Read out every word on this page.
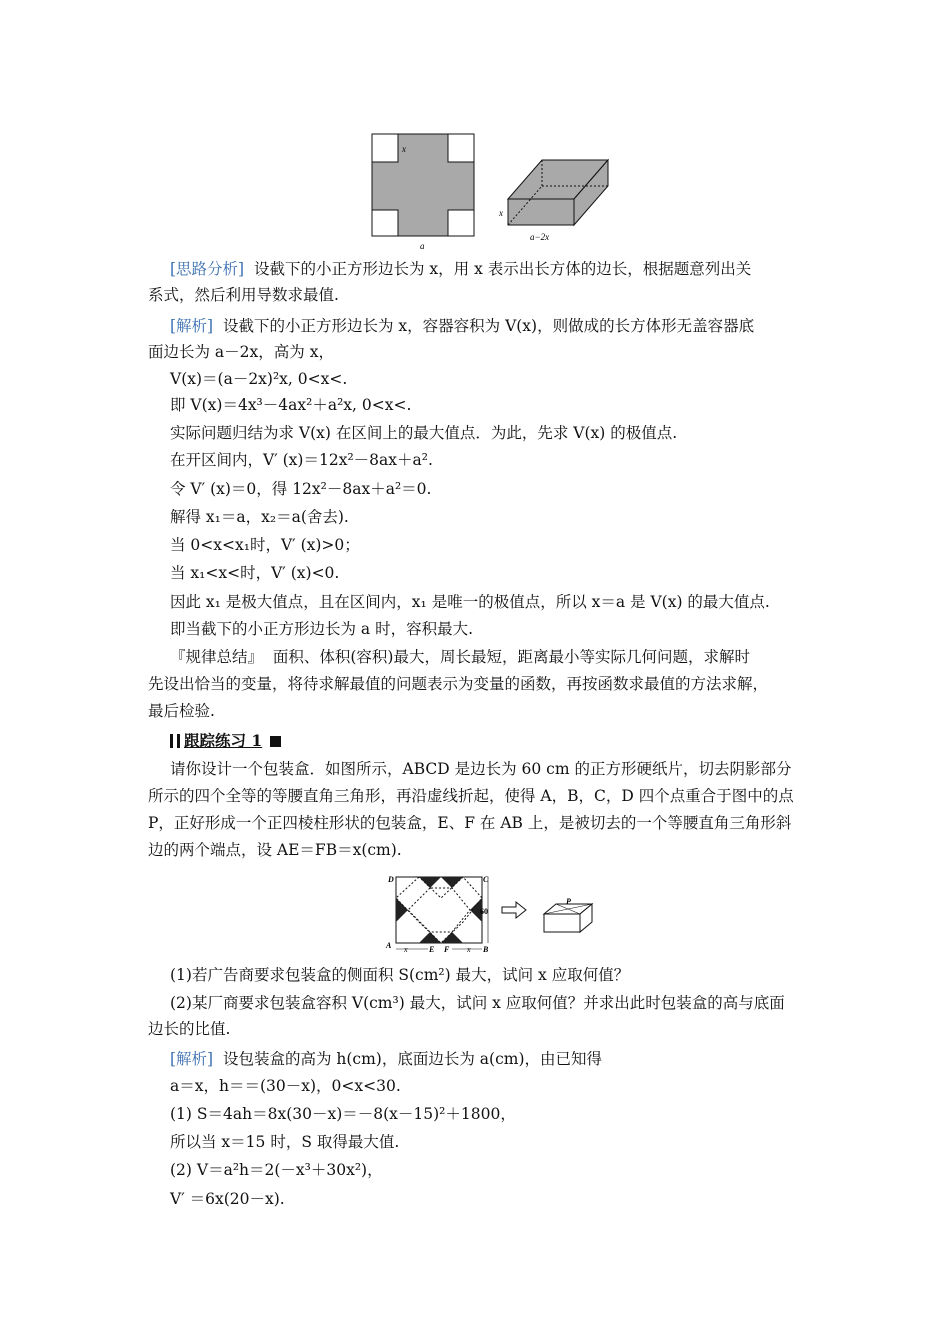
x
a
x
a−2x
[思路分析] 设截下的小正方形边长为 x，用 x 表示出长方体的边长，根据题意列出关
系式，然后利用导数求最值.
[解析] 设截下的小正方形边长为 x，容器容积为 V(x)，则做成的长方体形无盖容器底
面边长为 a－2x，高为 x，
V(x)＝(a－2x)²x, 0<x<.
即 V(x)＝4x³－4ax²＋a²x, 0<x<.
实际问题归结为求 V(x) 在区间上的最大值点．为此，先求 V(x) 的极值点.
在开区间内，V′ (x)＝12x²－8ax＋a².
令 V′ (x)＝0，得 12x²－8ax＋a²＝0.
解得 x₁＝a，x₂＝a(舍去).
当 0<x<x₁时，V′ (x)>0；
当 x₁<x<时，V′ (x)<0.
因此 x₁ 是极大值点，且在区间内，x₁ 是唯一的极值点，所以 x＝a 是 V(x) 的最大值点.
即当截下的小正方形边长为 a 时，容积最大.
『规律总结』 面积、体积(容积)最大，周长最短，距离最小等实际几何问题，求解时
先设出恰当的变量，将待求解最值的问题表示为变量的函数，再按函数求最值的方法求解，
最后检验.
跟踪练习 1
请你设计一个包装盒．如图所示，ABCD 是边长为 60 cm 的正方形硬纸片，切去阴影部分
所示的四个全等的等腰直角三角形，再沿虚线折起，使得 A，B，C，D 四个点重合于图中的点
P，正好形成一个正四棱柱形状的包装盒，E、F 在 AB 上，是被切去的一个等腰直角三角形斜
边的两个端点，设 AE＝FB＝x(cm).
D	C
A	B
E F
x	x
60
P
(1)若广告商要求包装盒的侧面积 S(cm²) 最大，试问 x 应取何值？
(2)某厂商要求包装盒容积 V(cm³) 最大，试问 x 应取何值？并求出此时包装盒的高与底面
边长的比值.
[解析] 设包装盒的高为 h(cm)，底面边长为 a(cm)，由已知得
a＝x，h＝＝(30－x)，0<x<30.
(1) S＝4ah＝8x(30－x)＝－8(x－15)²＋1800，
所以当 x＝15 时，S 取得最大值.
(2) V＝a²h＝2(－x³＋30x²)，
V′ ＝6x(20－x).
